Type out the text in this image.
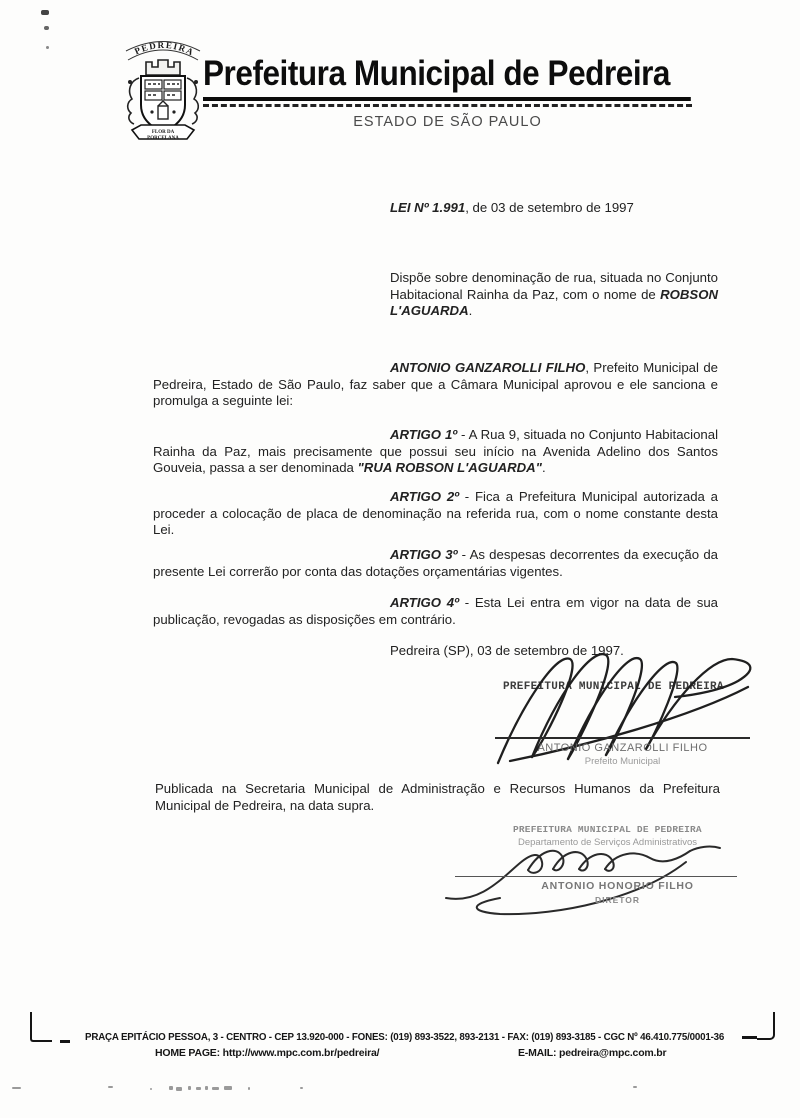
PEDREIRA
FLOR DA
PORCELANA
Prefeitura Municipal de Pedreira
ESTADO DE SÃO PAULO
LEI Nº 1.991, de 03 de setembro de 1997
Dispõe sobre denominação de rua, situada no Conjunto Habitacional Rainha da Paz, com o nome de ROBSON L'AGUARDA.
ANTONIO GANZAROLLI FILHO, Prefeito Municipal de Pedreira, Estado de São Paulo, faz saber que a Câmara Municipal aprovou e ele sanciona e promulga a seguinte lei:
ARTIGO 1º - A Rua 9, situada no Conjunto Habitacional Rainha da Paz, mais precisamente que possui seu início na Avenida Adelino dos Santos Gouveia, passa a ser denominada "RUA ROBSON L'AGUARDA".
ARTIGO 2º - Fica a Prefeitura Municipal autorizada a proceder a colocação de placa de denominação na referida rua, com o nome constante desta Lei.
ARTIGO 3º - As despesas decorrentes da execução da presente Lei correrão por conta das dotações orçamentárias vigentes.
ARTIGO 4º - Esta Lei entra em vigor na data de sua publicação, revogadas as disposições em contrário.
Pedreira (SP), 03 de setembro de 1997.
PREFEITURA MUNICIPAL DE PEDREIRA
ANTONIO GANZAROLLI FILHO
Prefeito Municipal
Publicada na Secretaria Municipal de Administração e Recursos Humanos da Prefeitura Municipal de Pedreira, na data supra.
PREFEITURA MUNICIPAL DE PEDREIRA
Departamento de Serviços Administrativos
ANTONIO HONORIO FILHO
DIRETOR
PRAÇA EPITÁCIO PESSOA, 3 - CENTRO - CEP 13.920-000 - FONES: (019) 893-3522, 893-2131 - FAX: (019) 893-3185 - CGC Nº 46.410.775/0001-36
HOME PAGE: http://www.mpc.com.br/pedreira/	E-MAIL: pedreira@mpc.com.br
